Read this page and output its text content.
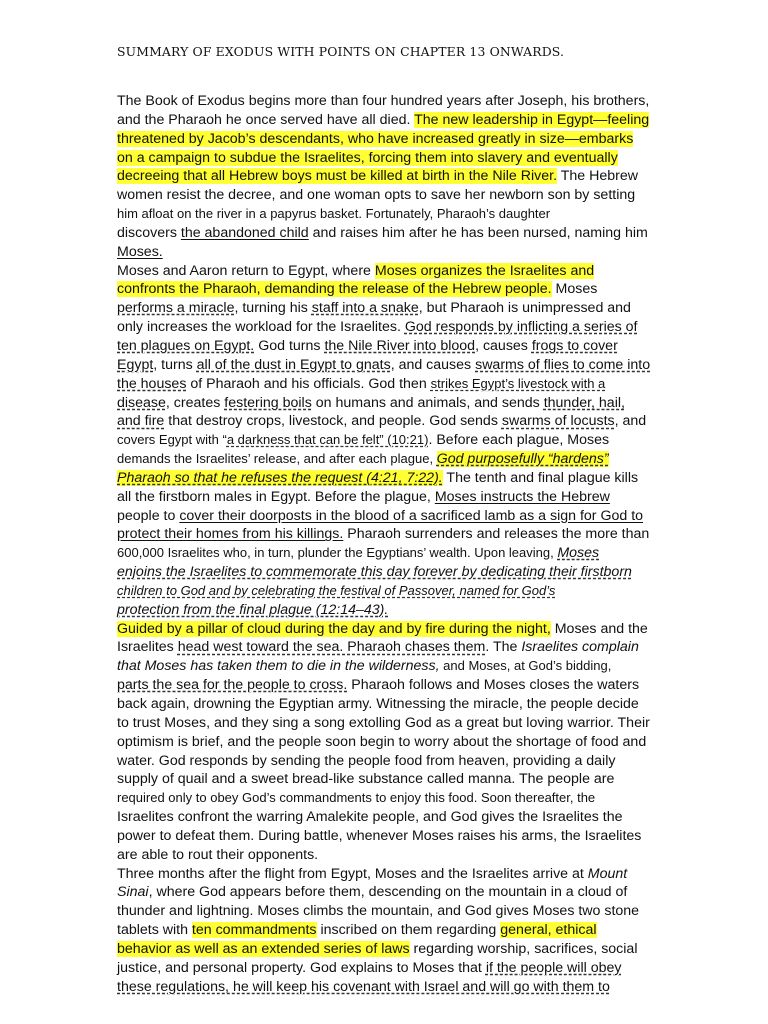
SUMMARY OF EXODUS WITH POINTS ON CHAPTER 13 ONWARDS.
The Book of Exodus begins more than four hundred years after Joseph, his brothers,
and the Pharaoh he once served have all died. The new leadership in Egypt—feeling
threatened by Jacob’s descendants, who have increased greatly in size—embarks
on a campaign to subdue the Israelites, forcing them into slavery and eventually
decreeing that all Hebrew boys must be killed at birth in the Nile River. The Hebrew
women resist the decree, and one woman opts to save her newborn son by setting
him afloat on the river in a papyrus basket. Fortunately, Pharaoh’s daughter
discovers the abandoned child and raises him after he has been nursed, naming him
Moses.
Moses and Aaron return to Egypt, where Moses organizes the Israelites and
confronts the Pharaoh, demanding the release of the Hebrew people. Moses
performs a miracle, turning his staff into a snake, but Pharaoh is unimpressed and
only increases the workload for the Israelites. God responds by inflicting a series of
ten plagues on Egypt. God turns the Nile River into blood, causes frogs to cover
Egypt, turns all of the dust in Egypt to gnats, and causes swarms of flies to come into
the houses of Pharaoh and his officials. God then strikes Egypt’s livestock with a
disease, creates festering boils on humans and animals, and sends thunder, hail,
and fire that destroy crops, livestock, and people. God sends swarms of locusts, and
covers Egypt with “a darkness that can be felt” (10:21). Before each plague, Moses
demands the Israelites’ release, and after each plague, God purposefully “hardens”
Pharaoh so that he refuses the request (4:21, 7:22). The tenth and final plague kills
all the firstborn males in Egypt. Before the plague, Moses instructs the Hebrew
people to cover their doorposts in the blood of a sacrificed lamb as a sign for God to
protect their homes from his killings. Pharaoh surrenders and releases the more than
600,000 Israelites who, in turn, plunder the Egyptians’ wealth. Upon leaving, Moses
enjoins the Israelites to commemorate this day forever by dedicating their firstborn
children to God and by celebrating the festival of Passover, named for God’s
protection from the final plague (12:14–43).
Guided by a pillar of cloud during the day and by fire during the night, Moses and the
Israelites head west toward the sea. Pharaoh chases them. The Israelites complain
that Moses has taken them to die in the wilderness, and Moses, at God’s bidding,
parts the sea for the people to cross. Pharaoh follows and Moses closes the waters
back again, drowning the Egyptian army. Witnessing the miracle, the people decide
to trust Moses, and they sing a song extolling God as a great but loving warrior. Their
optimism is brief, and the people soon begin to worry about the shortage of food and
water. God responds by sending the people food from heaven, providing a daily
supply of quail and a sweet bread-like substance called manna. The people are
required only to obey God’s commandments to enjoy this food. Soon thereafter, the
Israelites confront the warring Amalekite people, and God gives the Israelites the
power to defeat them. During battle, whenever Moses raises his arms, the Israelites
are able to rout their opponents.
Three months after the flight from Egypt, Moses and the Israelites arrive at Mount
Sinai, where God appears before them, descending on the mountain in a cloud of
thunder and lightning. Moses climbs the mountain, and God gives Moses two stone
tablets with ten commandments inscribed on them regarding general, ethical
behavior as well as an extended series of laws regarding worship, sacrifices, social
justice, and personal property. God explains to Moses that if the people will obey
these regulations, he will keep his covenant with Israel and will go with them to
